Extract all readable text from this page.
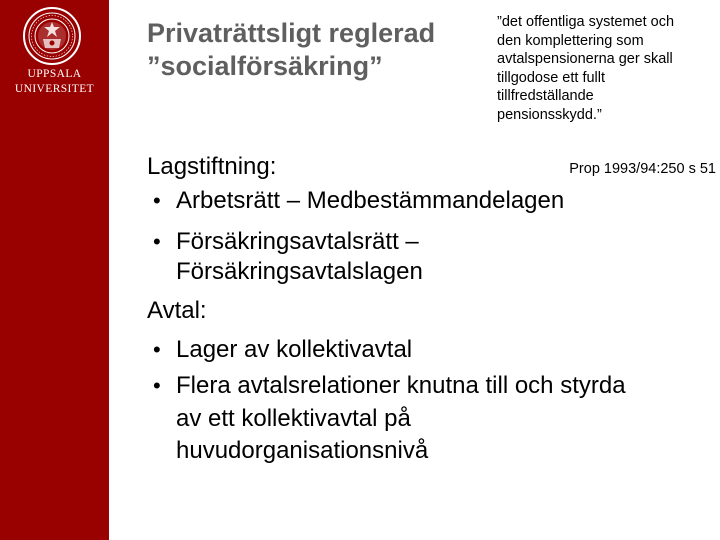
UPPSALA
UNIVERSITET
Privaträttsligt reglerad
”socialförsäkring”
”det offentliga systemet och
den komplettering som
avtalspensionerna ger skall
tillgodose ett fullt
tillfredställande
pensionsskydd.”
Prop 1993/94:250 s 51
Lagstiftning:
• Arbetsrätt – Medbestämmandelagen
• Försäkringsavtalsrätt –
Försäkringsavtalslagen
Avtal:
• Lager av kollektivavtal
• Flera avtalsrelationer knutna till och styrda
av ett kollektivavtal på
huvudorganisationsnivå
